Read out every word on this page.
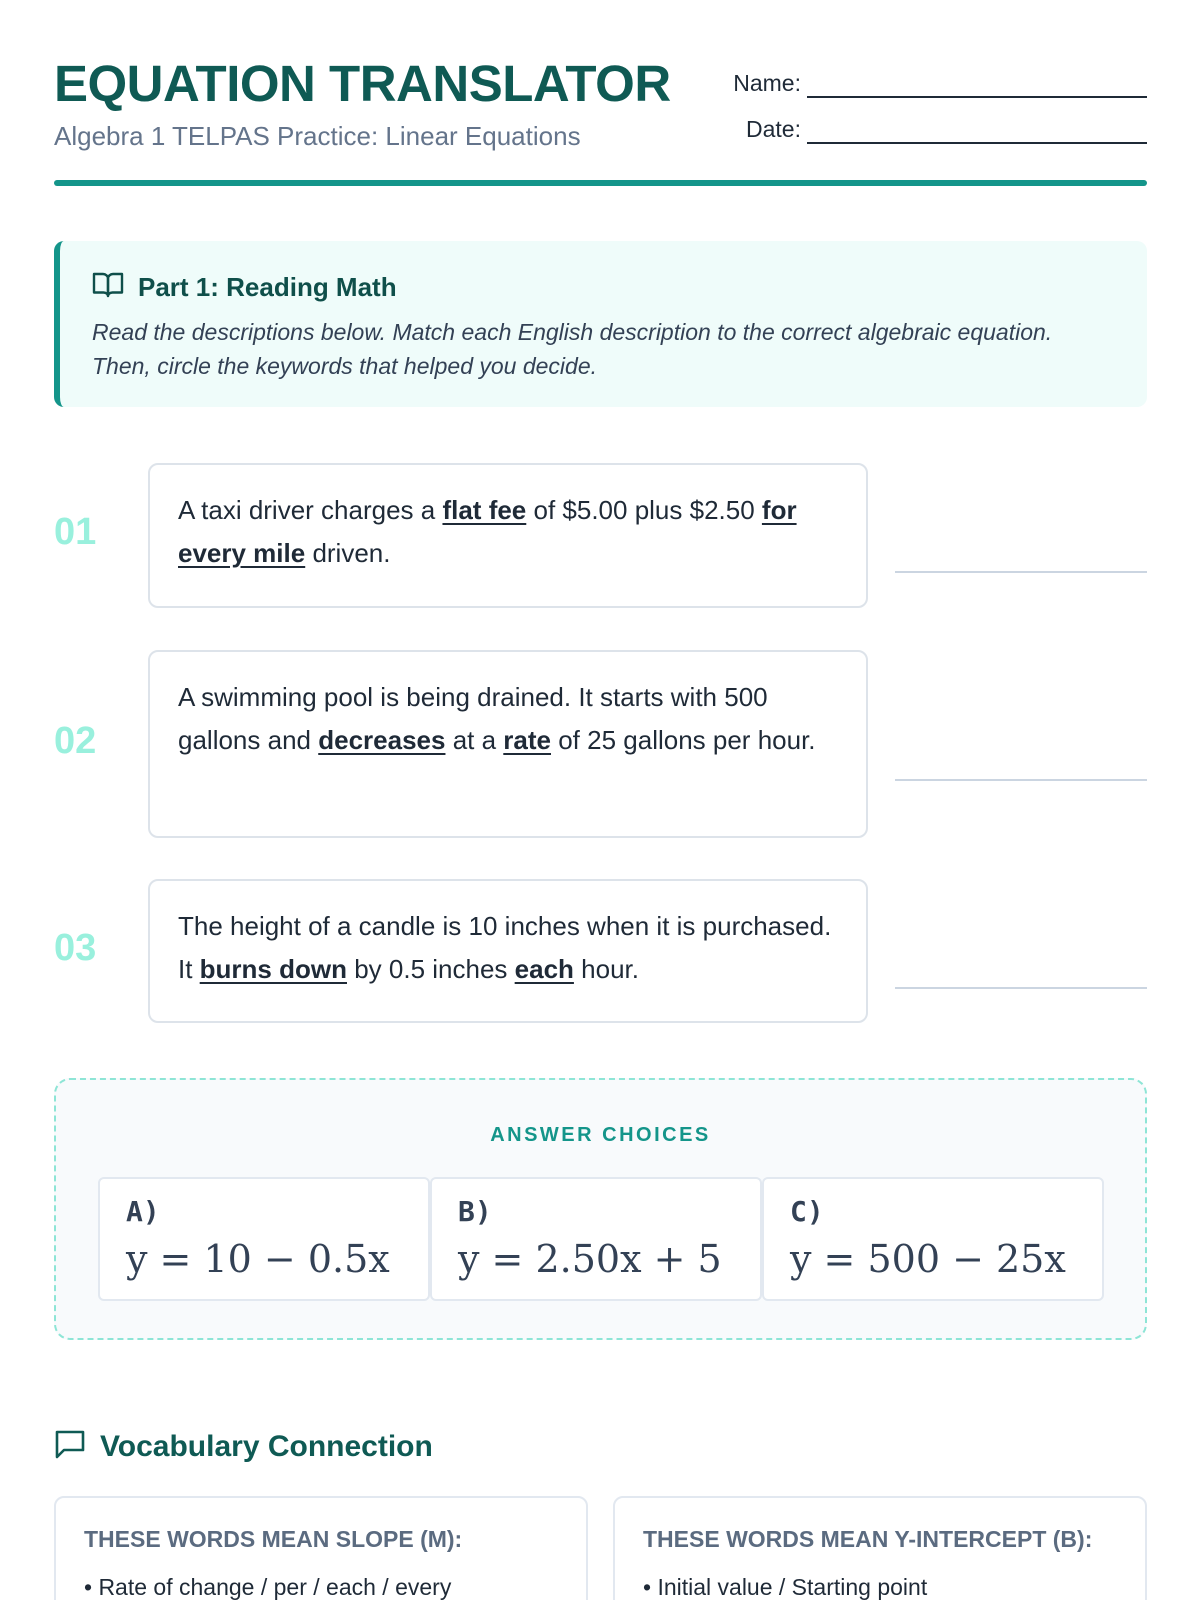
EQUATION TRANSLATOR
Algebra 1 TELPAS Practice: Linear Equations
Name:
Date:
Part 1: Reading Math
Read the descriptions below. Match each English description to the correct algebraic equation. Then, circle the keywords that helped you decide.
01
A taxi driver charges a flat fee of $5.00 plus $2.50 for every mile driven.
02
A swimming pool is being drained. It starts with 500 gallons and decreases at a rate of 25 gallons per hour.
03
The height of a candle is 10 inches when it is purchased. It burns down by 0.5 inches each hour.
ANSWER CHOICES
A)
y = 10 − 0.5x
B)
y = 2.50x + 5
C)
y = 500 − 25x
Vocabulary Connection
THESE WORDS MEAN SLOPE (M):
• Rate of change / per / each / every
THESE WORDS MEAN Y-INTERCEPT (B):
• Initial value / Starting point
